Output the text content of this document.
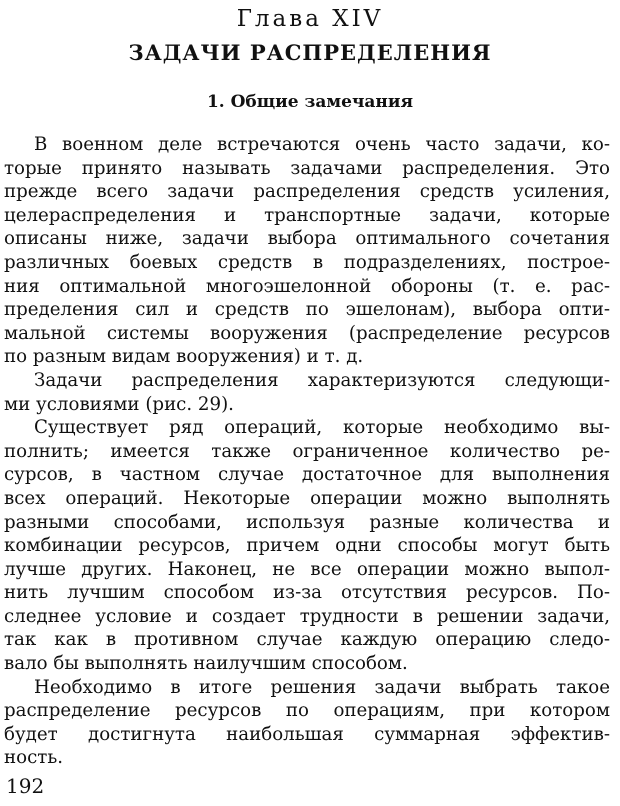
Глава XIV
ЗАДАЧИ РАСПРЕДЕЛЕНИЯ
1. Общие замечания
В военном деле встречаются очень часто задачи, ко-
торые принято называть задачами распределения. Это
прежде всего задачи распределения средств усиления,
целераспределения и транспортные задачи, которые
описаны ниже, задачи выбора оптимального сочетания
различных боевых средств в подразделениях, построе-
ния оптимальной многоэшелонной обороны (т. е. рас-
пределения сил и средств по эшелонам), выбора опти-
мальной системы вооружения (распределение ресурсов
по разным видам вооружения) и т. д.
Задачи распределения характеризуются следующи-
ми условиями (рис. 29).
Существует ряд операций, которые необходимо вы-
полнить; имеется также ограниченное количество ре-
сурсов, в частном случае достаточное для выполнения
всех операций. Некоторые операции можно выполнять
разными способами, используя разные количества и
комбинации ресурсов, причем одни способы могут быть
лучше других. Наконец, не все операции можно выпол-
нить лучшим способом из-за отсутствия ресурсов. По-
следнее условие и создает трудности в решении задачи,
так как в противном случае каждую операцию следо-
вало бы выполнять наилучшим способом.
Необходимо в итоге решения задачи выбрать такое
распределение ресурсов по операциям, при котором
будет достигнута наибольшая суммарная эффектив-
ность.
192
